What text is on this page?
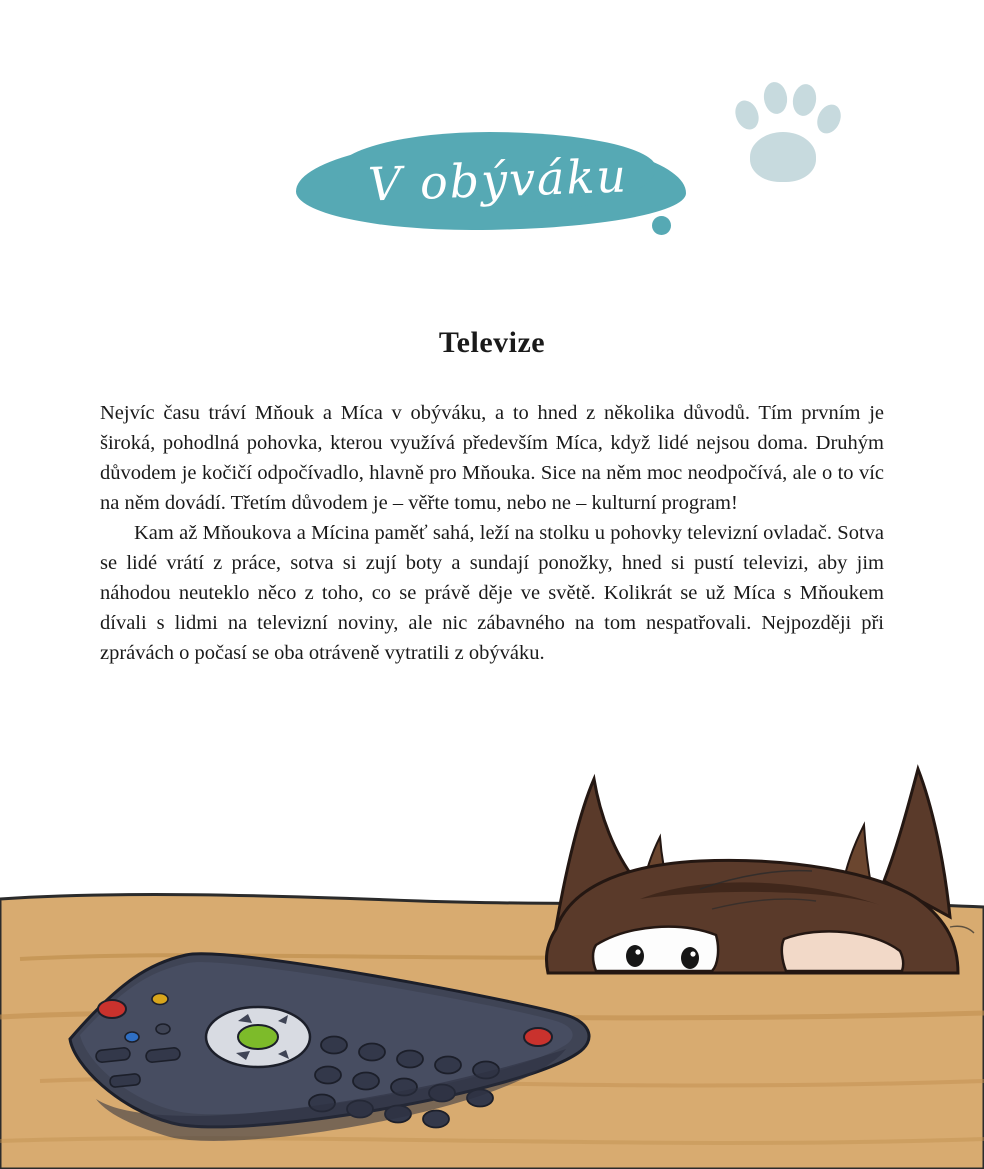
V obýváku
Televize

Nejvíc času tráví Mňouk a Míca v obýváku, a to hned z několika důvodů. Tím prvním je široká, pohodlná pohovka, kterou využívá především Míca, když lidé nejsou doma. Druhým důvodem je kočičí odpočívadlo, hlavně pro Mňouka. Sice na něm moc neodpočívá, ale o to víc na něm dovádí. Třetím důvodem je – věřte tomu, nebo ne – kulturní program!

Kam až Mňoukova a Mícina paměť sahá, leží na stolku u pohovky televizní ovladač. Sotva se lidé vrátí z práce, sotva si zují boty a sundají ponožky, hned si pustí televizi, aby jim náhodou neuteklo něco z toho, co se právě děje ve světě. Kolikrát se už Míca s Mňoukem dívali s lidmi na televizní noviny, ale nic zábavného na tom nespatřovali. Nejpozději při zprávách o počasí se oba otráveně vytratili z obýváku.
